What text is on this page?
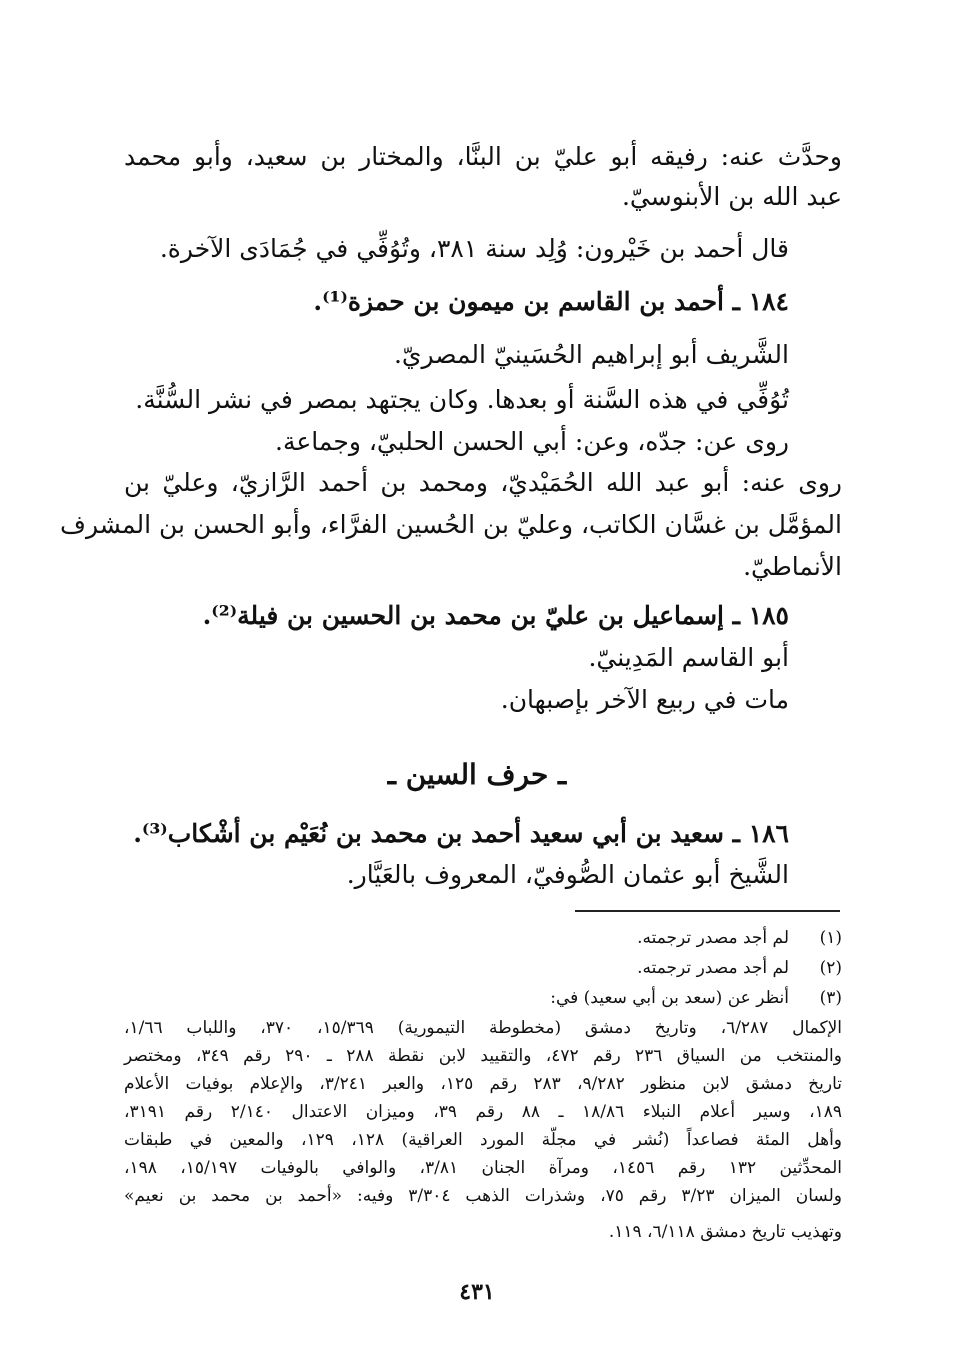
وحدَّث عنه: رفيقه أبو عليّ بن البنَّا، والمختار بن سعيد، وأبو محمد
عبد الله بن الأبنوسيّ.
قال أحمد بن خَيْرون: وُلِد سنة ٣٨١، وتُوُفِّي في جُمَادَى الآخرة.
١٨٤ ـ أحمد بن القاسم بن ميمون بن حمزة⁽¹⁾.
الشَّريف أبو إبراهيم الحُسَينيّ المصريّ.
تُوُفِّي في هذه السَّنة أو بعدها. وكان يجتهد بمصر في نشر السُّنَّة.
روى عن: جدّه، وعن: أبي الحسن الحلبيّ، وجماعة.
روى عنه: أبو عبد الله الحُمَيْديّ، ومحمد بن أحمد الرَّازيّ، وعليّ بن
المؤمَّل بن غسَّان الكاتب، وعليّ بن الحُسين الفرَّاء، وأبو الحسن بن المشرف
الأنماطيّ.
١٨٥ ـ إسماعيل بن عليّ بن محمد بن الحسين بن فيلة⁽²⁾.
أبو القاسم المَدِينيّ.
مات في ربيع الآخر بإصبهان.
ـ حرف السين ـ
١٨٦ ـ سعيد بن أبي سعيد أحمد بن محمد بن نُعَيْم بن أشْكاب⁽³⁾.
الشَّيخ أبو عثمان الصُّوفيّ، المعروف بالعَيَّار.
(١)
لم أجد مصدر ترجمته.
(٢)
لم أجد مصدر ترجمته.
(٣)
أنظر عن (سعد بن أبي سعيد) في:
الإكمال ٦/٢٨٧، وتاريخ دمشق (مخطوطة التيمورية) ١٥/٣٦٩، ٣٧٠، واللباب ١/٦٦،
والمنتخب من السياق ٢٣٦ رقم ٤٧٢، والتقييد لابن نقطة ٢٨٨ ـ ٢٩٠ رقم ٣٤٩، ومختصر
تاريخ دمشق لابن منظور ٩/٢٨٢، ٢٨٣ رقم ١٢٥، والعبر ٣/٢٤١، والإعلام بوفيات الأعلام
١٨٩، وسير أعلام النبلاء ١٨/٨٦ ـ ٨٨ رقم ٣٩، وميزان الاعتدال ٢/١٤٠ رقم ٣١٩١،
وأهل المئة فصاعداً (نُشر في مجلّة المورد العراقية) ١٢٨، ١٢٩، والمعين في طبقات
المحدِّثين ١٣٢ رقم ١٤٥٦، ومرآة الجنان ٣/٨١، والوافي بالوفيات ١٥/١٩٧، ١٩٨،
ولسان الميزان ٣/٢٣ رقم ٧٥، وشذرات الذهب ٣/٣٠٤ وفيه: «أحمد بن محمد بن نعيم»
وتهذيب تاريخ دمشق ٦/١١٨، ١١٩.
٤٣١
